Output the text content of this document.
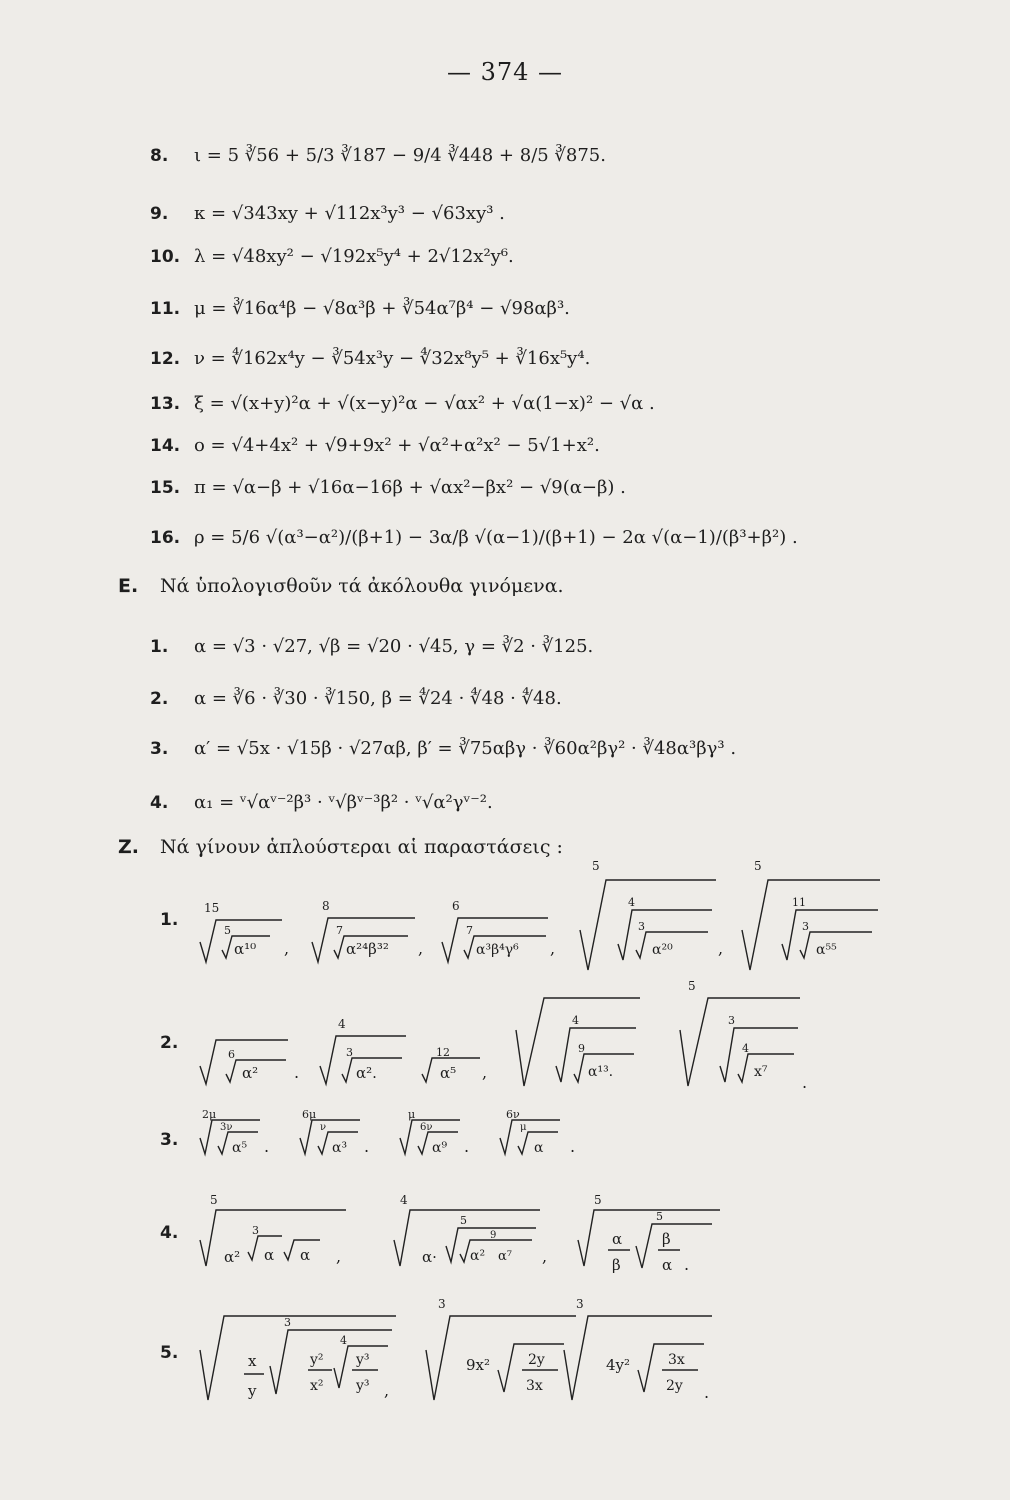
— 374 —
8.	ι = 5 ∛56 + 5/3 ∛187 − 9/4 ∛448 + 8/5 ∛875.
9.	κ = √343xy + √112x³y³ − √63xy³ .
10. λ = √48xy² − √192x⁵y⁴ + 2√12x²y⁶.
11. μ = ∛16α⁴β − √8α³β + ∛54α⁷β⁴ − √98αβ³.
12. ν = ∜162x⁴y − ∛54x³y − ∜32x⁸y⁵ + ∛16x⁵y⁴.
13. ξ = √(x+y)²α + √(x−y)²α − √αx² + √α(1−x)² − √α .
14. ο = √4+4x² + √9+9x² + √α²+α²x² − 5√1+x².
15. π = √α−β + √16α−16β + √αx²−βx² − √9(α−β) .
16. ρ = 5/6 √(α³−α²)/(β+1) − 3α/β √(α−1)/(β+1) − 2α √(α−1)/(β³+β²) .
Ε. Νά ὑπολογισθοῦν τά ἀκόλουθα γινόμενα.
1.	α = √3 · √27, √β = √20 · √45, γ = ∛2 · ∛125.
2.	α = ∛6 · ∛30 · ∛150, β = ∜24 · ∜48 · ∜48.
3.	α′ = √5x · √15β · √27αβ, β′ = ∛75αβγ · ∛60α²βγ² · ∛48α³βγ³ .
4.	α₁ = ᵛ√αᵛ⁻²β³ · ᵛ√βᵛ⁻³β² · ᵛ√α²γᵛ⁻².
Ζ. Νά γίνουν ἁπλούστεραι αἱ παραστάσεις :
1.
2.
3.
4.
5.
15
5
α¹⁰ ,
8
7
α²⁴β³² ,
6
7
α³β⁴γ⁶ ,
5
4
3
α²⁰	,
5
11
3
α⁵⁵
6
α² .
4
3
α².
12
α⁵ ,
4
9
α¹³.
5
3
4
x⁷
.
2μ
3ν
α⁵ .
6μ
ν
α³ .
μ
6ν
α⁹ .
6ν
μ
α .
5
α²
3
α α ,
4
α·
5
9
α² α⁷ ,
5
α
β
5
β
α .
x
y
3
y²
x²
4
y³
y³ ,
3
9x²	2y
3x
3
4y²	3x
2y .
